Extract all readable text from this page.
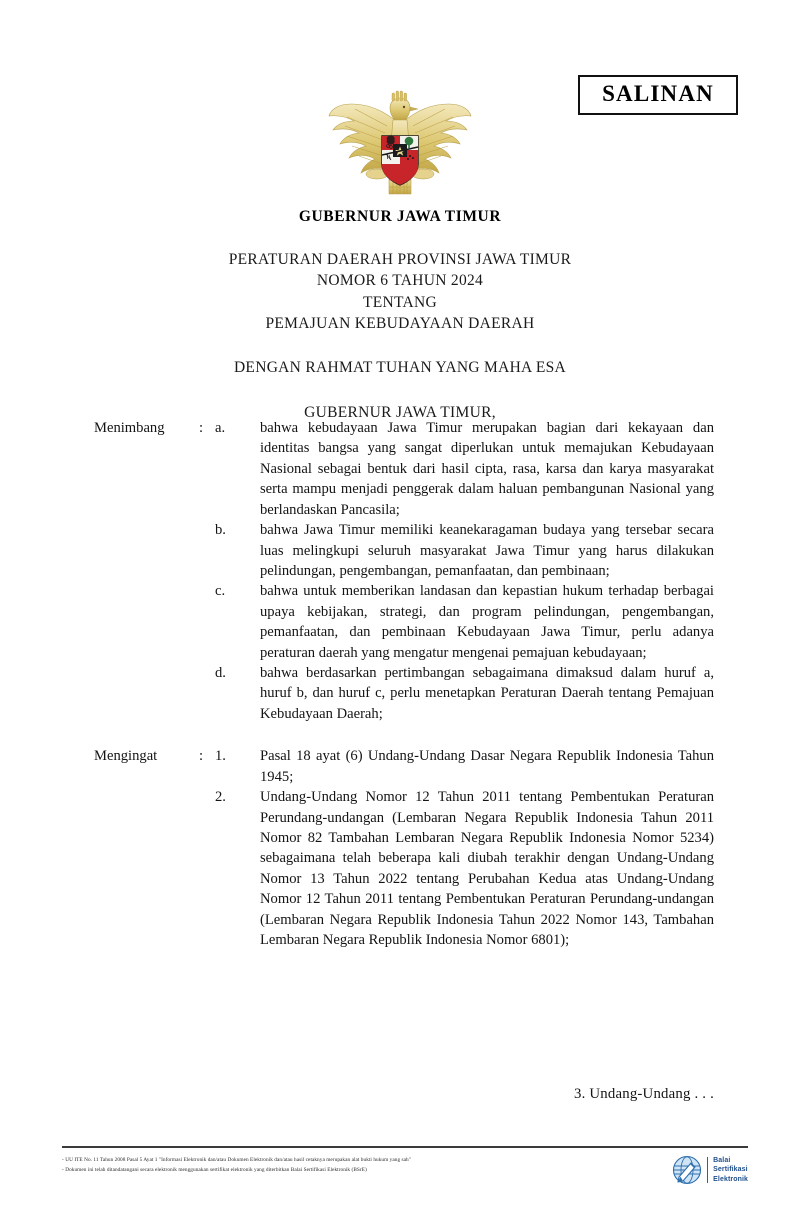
SALINAN
GUBERNUR JAWA TIMUR
PERATURAN DAERAH PROVINSI JAWA TIMUR
NOMOR 6 TAHUN 2024
TENTANG
PEMAJUAN KEBUDAYAAN DAERAH
DENGAN RAHMAT TUHAN YANG MAHA ESA
GUBERNUR JAWA TIMUR,
Menimbang	: a.	bahwa kebudayaan Jawa Timur merupakan bagian dari kekayaan dan identitas bangsa yang sangat diperlukan untuk memajukan Kebudayaan Nasional sebagai bentuk dari hasil cipta, rasa, karsa dan karya masyarakat serta mampu menjadi penggerak dalam haluan pembangunan Nasional yang berlandaskan Pancasila;
b.	bahwa Jawa Timur memiliki keanekaragaman budaya yang tersebar secara luas melingkupi seluruh masyarakat Jawa Timur yang harus dilakukan pelindungan, pengembangan, pemanfaatan, dan pembinaan;
c.	bahwa untuk memberikan landasan dan kepastian hukum terhadap berbagai upaya kebijakan, strategi, dan program pelindungan, pengembangan, pemanfaatan, dan pembinaan Kebudayaan Jawa Timur, perlu adanya peraturan daerah yang mengatur mengenai pemajuan kebudayaan;
d.	bahwa berdasarkan pertimbangan sebagaimana dimaksud dalam huruf a, huruf b, dan huruf c, perlu menetapkan Peraturan Daerah tentang Pemajuan Kebudayaan Daerah;
Mengingat	: 1.	Pasal 18 ayat (6) Undang-Undang Dasar Negara Republik Indonesia Tahun 1945;
2.	Undang-Undang Nomor 12 Tahun 2011 tentang Pembentukan Peraturan Perundang-undangan (Lembaran Negara Republik Indonesia Tahun 2011 Nomor 82 Tambahan Lembaran Negara Republik Indonesia Nomor 5234) sebagaimana telah beberapa kali diubah terakhir dengan Undang-Undang Nomor 13 Tahun 2022 tentang Perubahan Kedua atas Undang-Undang Nomor 12 Tahun 2011 tentang Pembentukan Peraturan Perundang-undangan (Lembaran Negara Republik Indonesia Tahun 2022 Nomor 143, Tambahan Lembaran Negara Republik Indonesia Nomor 6801);
3. Undang-Undang . . .
- UU ITE No. 11 Tahun 2008 Pasal 5 Ayat 1 "Informasi Elektronik dan/atau Dokumen Elektronik dan/atau hasil cetaknya merupakan alat bukti hukum yang sah"
- Dokumen ini telah ditandatangani secara elektronik menggunakan sertifikat elektronik yang diterbitkan Balai Sertifikasi Elektronik (BSrE)
Balai
Sertifikasi
Elektronik
